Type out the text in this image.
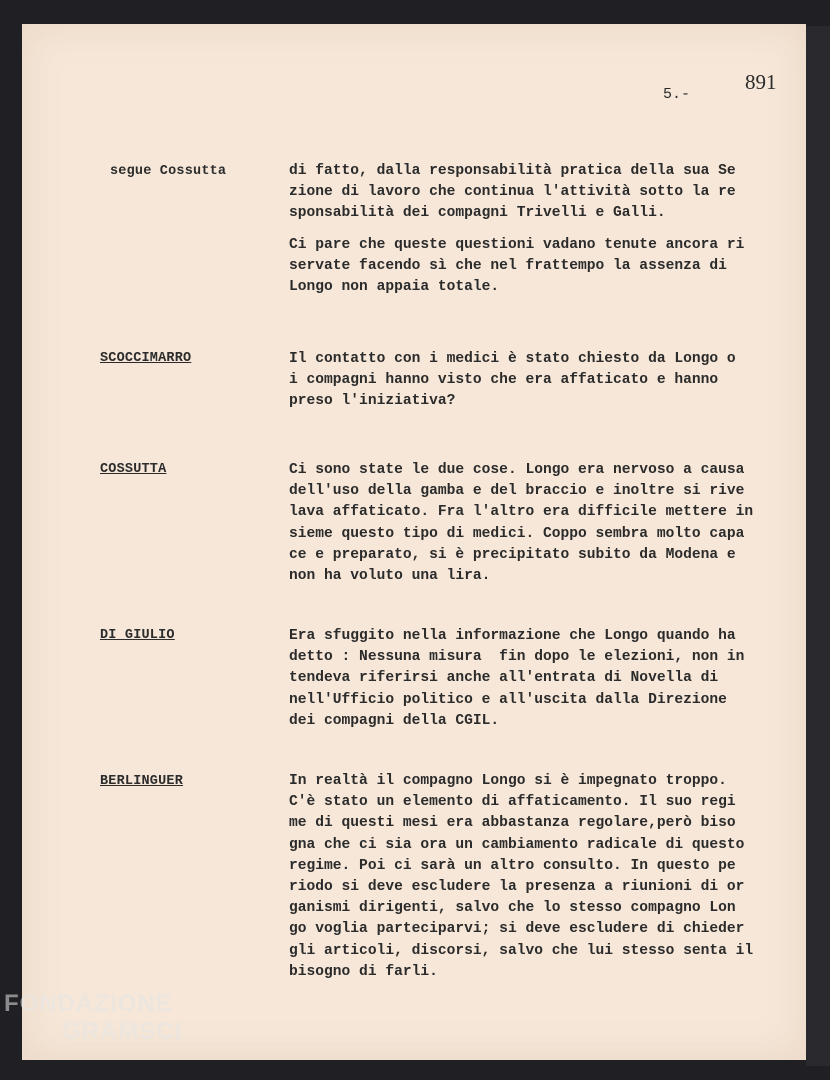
891
5.-
segue Cossutta	di fatto, dalla responsabilità pratica della sua Se
zione di lavoro che continua l'attività sotto la re
sponsabilità dei compagni Trivelli e Galli.
Ci pare che queste questioni vadano tenute ancora ri
servate facendo sì che nel frattempo la assenza di
Longo non appaia totale.
SCOCCIMARRO	Il contatto con i medici è stato chiesto da Longo o
i compagni hanno visto che era affaticato e hanno
preso l'iniziativa?
COSSUTTA	Ci sono state le due cose. Longo era nervoso a causa
dell'uso della gamba e del braccio e inoltre si rive
lava affaticato. Fra l'altro era difficile mettere in
sieme questo tipo di medici. Coppo sembra molto capa
ce e preparato, si è precipitato subito da Modena e
non ha voluto una lira.
DI GIULIO	Era sfuggito nella informazione che Longo quando ha
detto : Nessuna misura  fin dopo le elezioni, non in
tendeva riferirsi anche all'entrata di Novella di
nell'Ufficio politico e all'uscita dalla Direzione
dei compagni della CGIL.
BERLINGUER	In realtà il compagno Longo si è impegnato troppo.
C'è stato un elemento di affaticamento. Il suo regi
me di questi mesi era abbastanza regolare,però biso
gna che ci sia ora un cambiamento radicale di questo
regime. Poi ci sarà un altro consulto. In questo pe
riodo si deve escludere la presenza a riunioni di or
ganismi dirigenti, salvo che lo stesso compagno Lon
go voglia parteciparvi; si deve escludere di chieder
gli articoli, discorsi, salvo che lui stesso senta il
bisogno di farli.
FONDAZIONE
GRAMSCI
